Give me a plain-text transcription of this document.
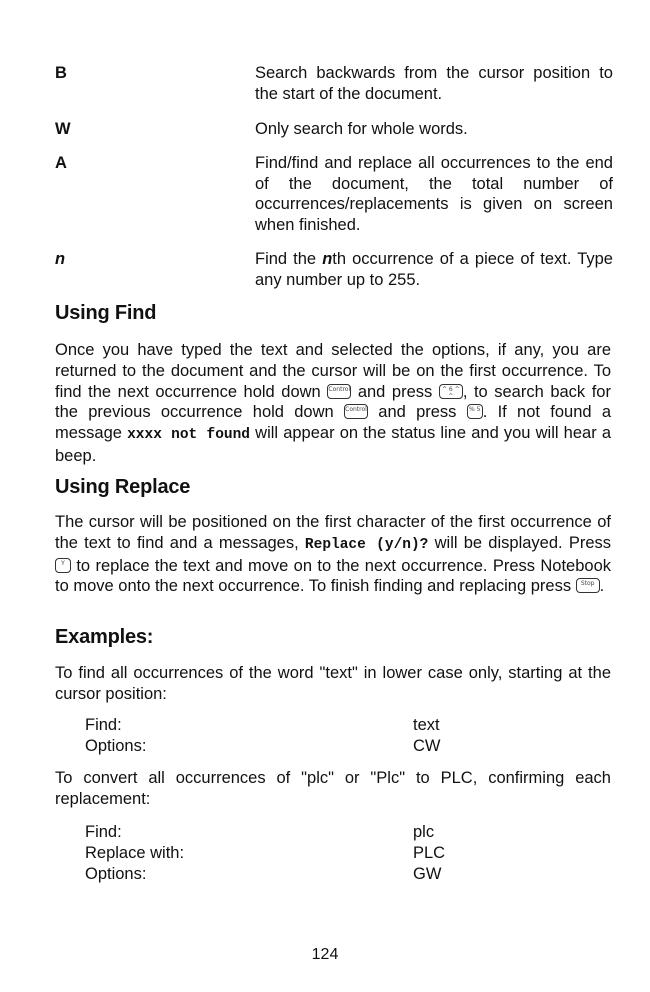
B	Search backwards from the cursor position to the start of the document.
W	Only search for whole words.
A	Find/find and replace all occurrences to the end of the document, the total number of occurrences/replacements is given on screen when finished.
n	Find the nth occurrence of a piece of text. Type any number up to 255.
Using Find

Once you have typed the text and selected the options, if any, you are returned to the document and the cursor will be on the first occurrence. To find the next occurrence hold down Control and press ^ 6 ^ ^ , to search back for the previous occurrence hold down Control and press % 5 . If not found a message xxxx not found will appear on the status line and you will hear a beep.

Using Replace

The cursor will be positioned on the first character of the first occurrence of the text to find and a messages, Replace (y/n)? will be displayed. Press Y to replace the text and move on to the next occurrence. Press Notebook to move onto the next occurrence. To finish finding and replacing press Stop .

Examples:

To find all occurrences of the word "text" in lower case only, starting at the cursor position:

Find:	text
Options:	CW

To convert all occurrences of "plc" or "Plc" to PLC, confirming each replacement:

Find:	plc
Replace with:	PLC
Options:	GW
124
